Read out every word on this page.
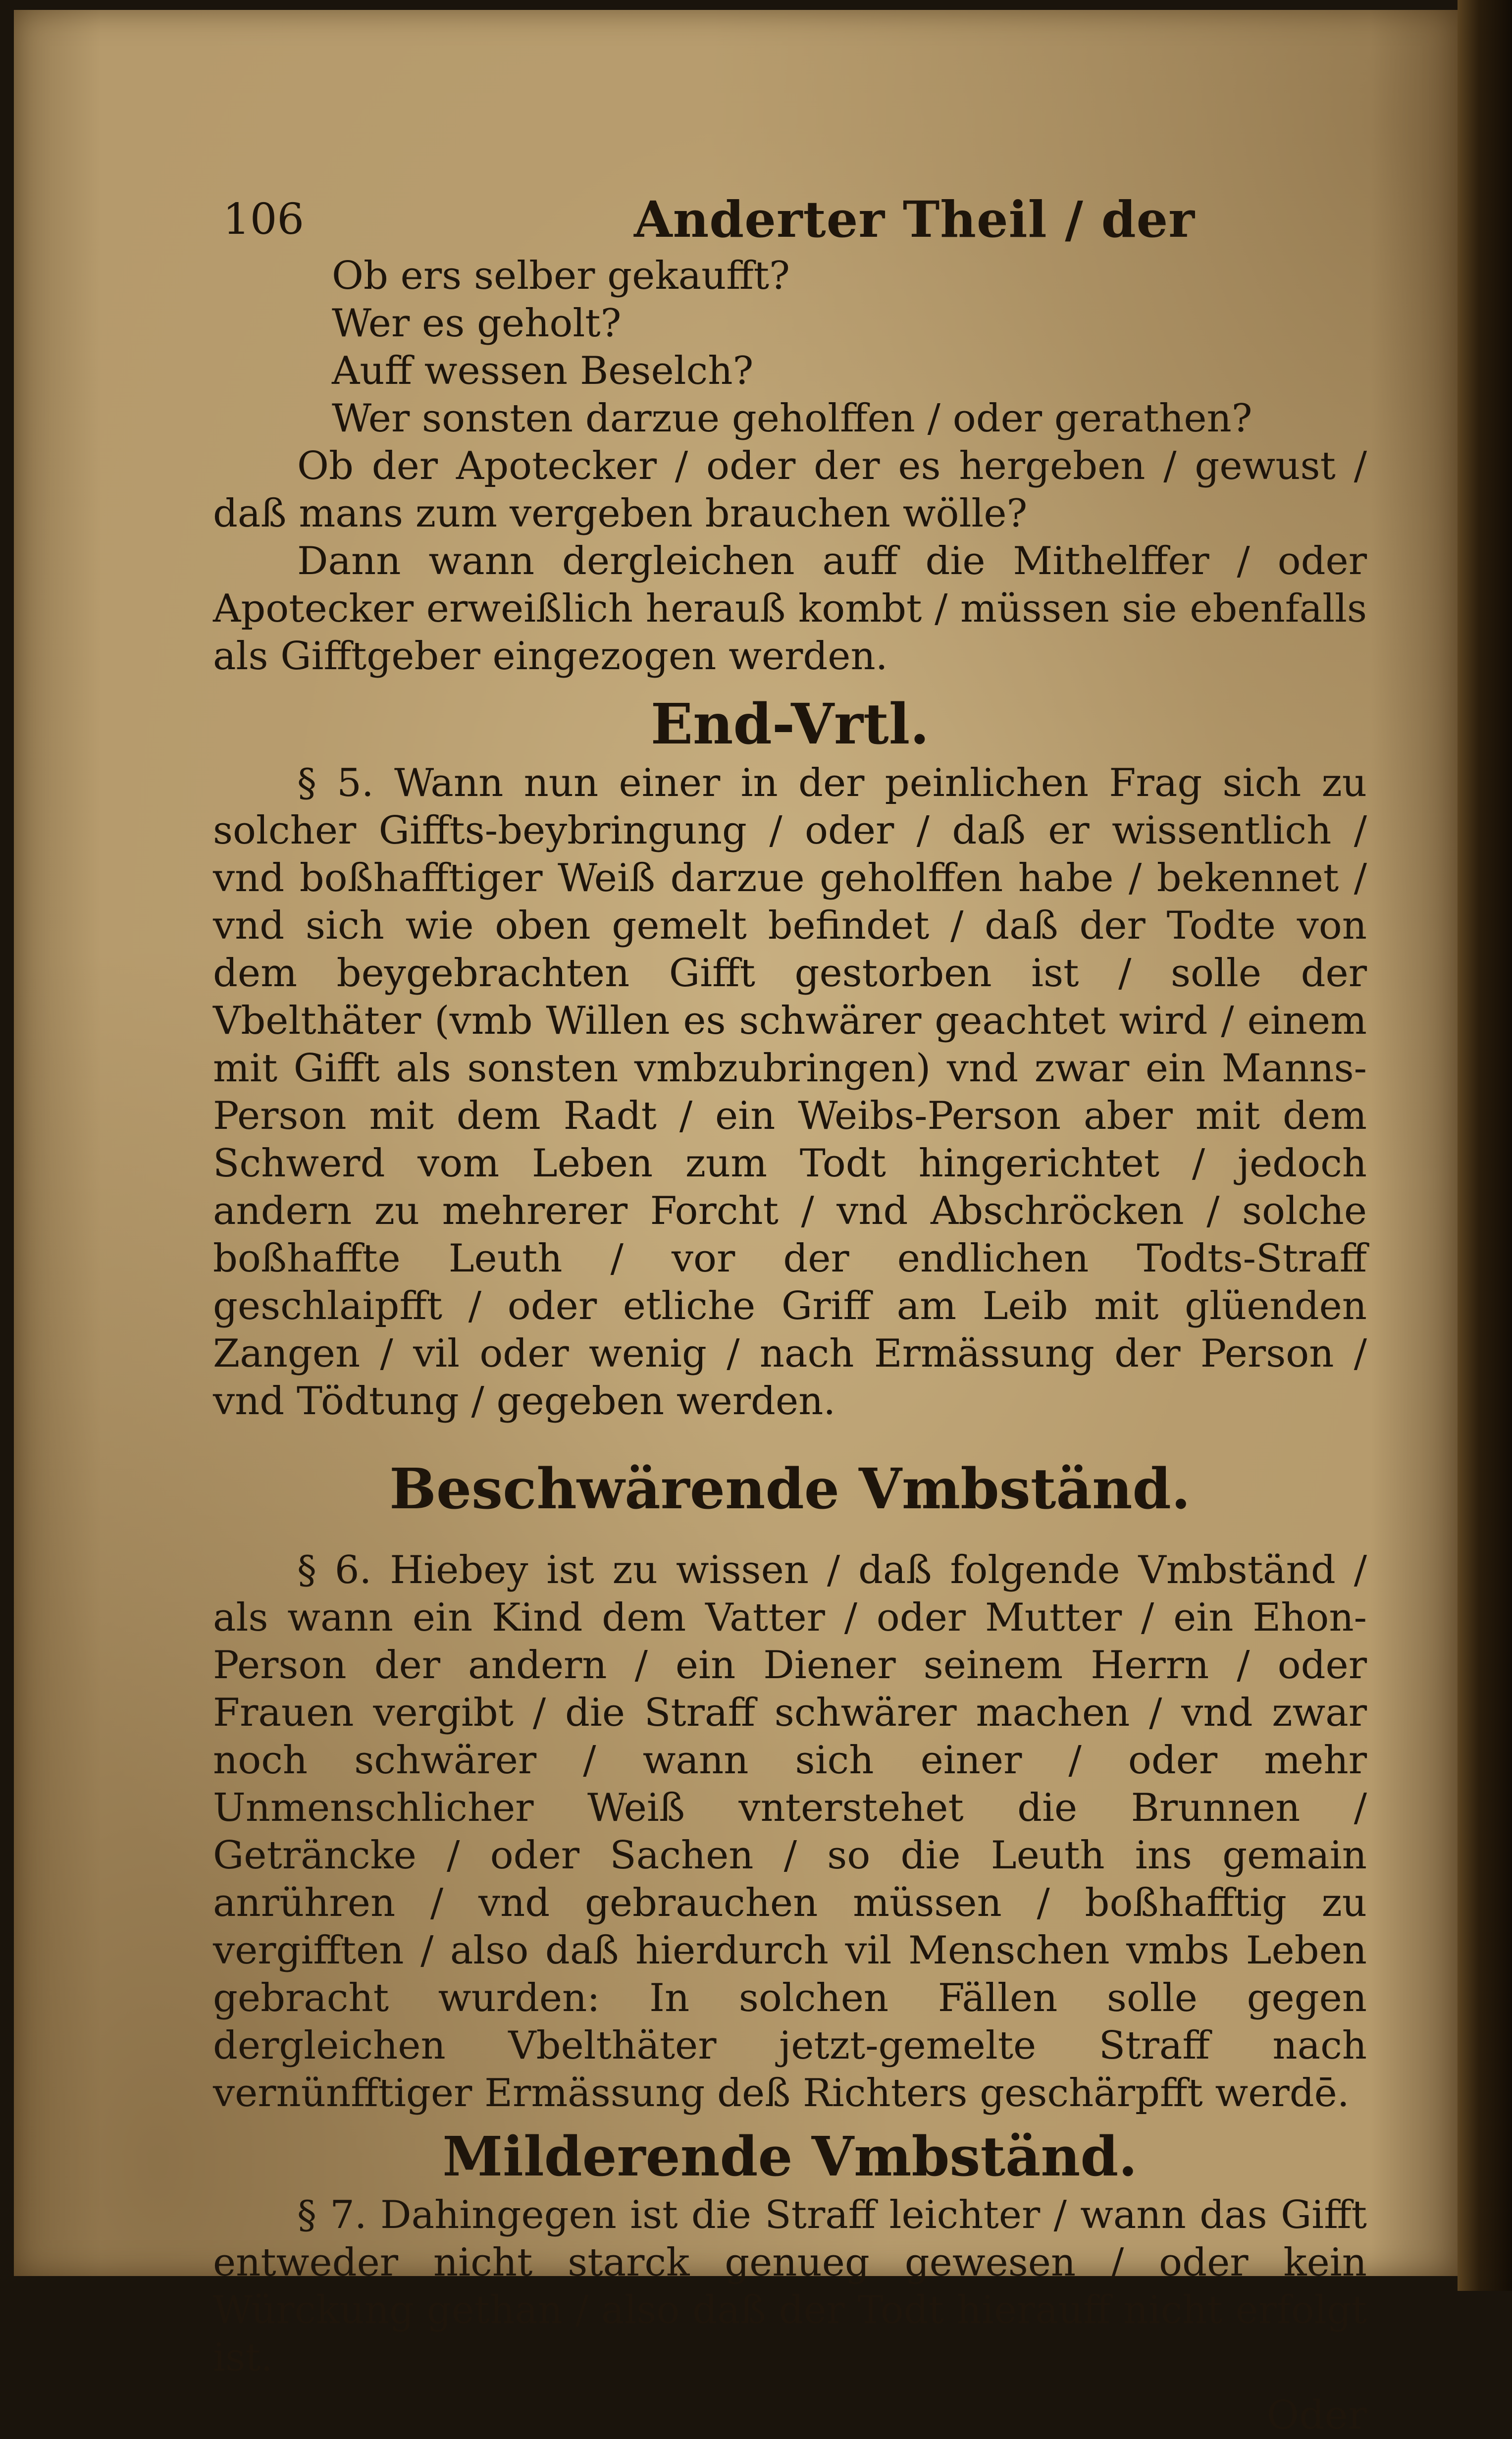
106	Anderter Theil / der

Ob ers selber gekaufft?

Wer es geholt?

Auff wessen Beselch?

Wer sonsten darzue geholffen / oder gerathen?

Ob der Apotecker / oder der es hergeben / gewust / daß mans zum vergeben brauchen wölle?

Dann wann dergleichen auff die Mithelffer / oder Apotecker erweißlich herauß kombt / müssen sie ebenfalls als Gifftgeber eingezogen werden.

End-Vrtl.

§ 5. Wann nun einer in der peinlichen Frag sich zu solcher Giffts-beybringung / oder / daß er wissentlich / vnd boßhafftiger Weiß darzue geholffen habe / bekennet / vnd sich wie oben gemelt befindet / daß der Todte von dem beygebrachten Gifft gestorben ist / solle der Vbelthäter (vmb Willen es schwärer geachtet wird / einem mit Gifft als sonsten vmbzubringen) vnd zwar ein Manns-Person mit dem Radt / ein Weibs-Person aber mit dem Schwerd vom Leben zum Todt hingerichtet / jedoch andern zu mehrerer Forcht / vnd Abschröcken / solche boßhaffte Leuth / vor der endlichen Todts-Straff geschlaipfft / oder etliche Griff am Leib mit glüenden Zangen / vil oder wenig / nach Ermässung der Person / vnd Tödtung / gegeben werden.

Beschwärende Vmbständ.

§ 6. Hiebey ist zu wissen / daß folgende Vmbständ / als wann ein Kind dem Vatter / oder Mutter / ein Ehon-Person der andern / ein Diener seinem Herrn / oder Frauen vergibt / die Straff schwärer machen / vnd zwar noch schwärer / wann sich einer / oder mehr Unmenschlicher Weiß vnterstehet die Brunnen / Geträncke / oder Sachen / so die Leuth ins gemain anrühren / vnd gebrauchen müssen / boßhafftig zu vergifften / also daß hierdurch vil Menschen vmbs Leben gebracht wurden: In solchen Fällen solle gegen dergleichen Vbelthäter jetzt-gemelte Straff nach vernünfftiger Ermässung deß Richters geschärpfft werdē.

Milderende Vmbständ.

§ 7. Dahingegen ist die Straff leichter / wann das Gifft entweder nicht starck genueg gewesen / oder kein Würckung gethan / also daß der Todt hierauff nicht erfolgt ist.

Oder
